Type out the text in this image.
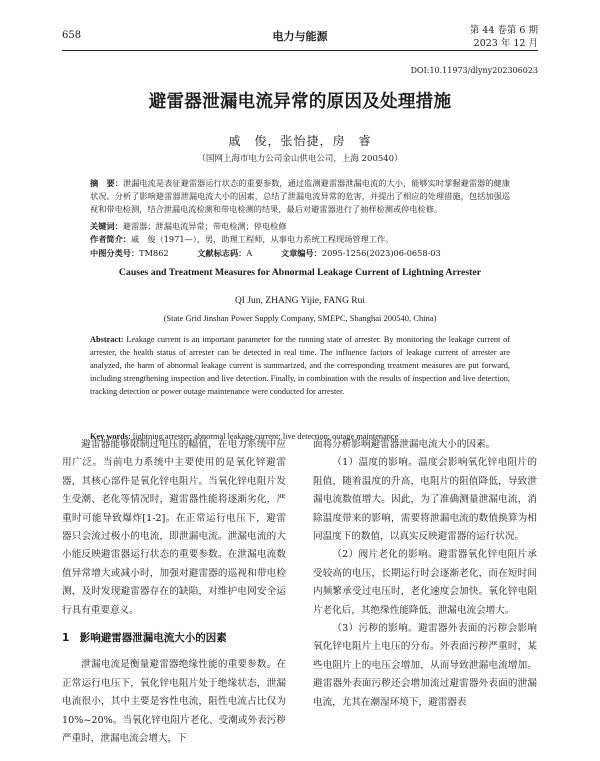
658	电力与能源	第 44 卷第 6 期
2023 年 12 月
DOI:10.11973/dlyny202306023
避雷器泄漏电流异常的原因及处理措施
戚　俊，张怡捷，房　睿
（国网上海市电力公司金山供电公司，上海 200540）
摘　要：泄漏电流是表征避雷器运行状态的重要参数，通过监测避雷器泄漏电流的大小，能够实时掌握避雷器的健康状况。分析了影响避雷器泄漏电流大小的因素，总结了泄漏电流异常的危害，并提出了相应的处理措施，包括加强巡视和带电检测，结合泄漏电流检测和带电检测的结果，最后对避雷器进行了抽样检测或停电检修。
关键词：避雷器；泄漏电流异常；带电检测；停电检修
作者简介：戚　俊（1971—），男，助理工程师，从事电力系统工程现场管理工作。
中图分类号：TM862	文献标志码：A	文章编号：2095-1256(2023)06-0658-03
Causes and Treatment Measures for Abnormal Leakage Current of Lightning Arrester
QI Jun, ZHANG Yijie, FANG Rui
(State Grid Jinshan Power Supply Company, SMEPC, Shanghai 200540, China)
Abstract: Leakage current is an important parameter for the running state of arrester. By monitoring the leakage current of arrester, the health status of arrester can be detected in real time. The influence factors of leakage current of arrester are analyzed, the harm of abnormal leakage current is summarized, and the corresponding treatment measures are put forward, including strengthening inspection and live detection. Finally, in combination with the results of inspection and live detection, tracking detection or power outage maintenance were conducted for arrester.
Key words: lightning arrester; abnormal leakage current; live detection; outage maintenance

避雷器能够限制过电压的幅值，在电力系统中应用广泛。当前电力系统中主要使用的是氧化锌避雷器，其核心部件是氧化锌电阻片。当氧化锌电阻片发生受潮、老化等情况时，避雷器性能将逐渐劣化，严重时可能导致爆炸[1-2]。在正常运行电压下，避雷器只会流过极小的电流，即泄漏电流。泄漏电流的大小能反映避雷器运行状态的重要参数。在泄漏电流数值异常增大或减小时，加强对避雷器的巡视和带电检测，及时发现避雷器存在的缺陷，对维护电网安全运行具有重要意义。

1　影响避雷器泄漏电流大小的因素

泄漏电流是衡量避雷器绝缘性能的重要参数。在正常运行电压下，氧化锌电阻片处于绝缘状态，泄漏电流很小，其中主要是容性电流，阻性电流占比仅为 10%~20%。当氧化锌电阻片老化、受潮或外表污秽严重时，泄漏电流会增大，下

面将分析影响避雷器泄漏电流大小的因素。

（1）温度的影响。温度会影响氧化锌电阻片的阻值，随着温度的升高，电阻片的阻值降低，导致泄漏电流数值增大。因此，为了准确测量泄漏电流，消除温度带来的影响，需要将泄漏电流的数值换算为相同温度下的数值，以真实反映避雷器的运行状况。

（2）阀片老化的影响。避雷器氧化锌电阻片承受较高的电压，长期运行时会逐渐老化，而在短时间内频繁承受过电压时，老化速度会加快。氧化锌电阻片老化后，其绝缘性能降低，泄漏电流会增大。

（3）污秽的影响。避雷器外表面的污秽会影响氧化锌电阻片上电压的分布。外表面污秽严重时，某些电阻片上的电压会增加，从而导致泄漏电流增加。避雷器外表面污秽还会增加流过避雷器外表面的泄漏电流，尤其在潮湿环境下，避雷器表
